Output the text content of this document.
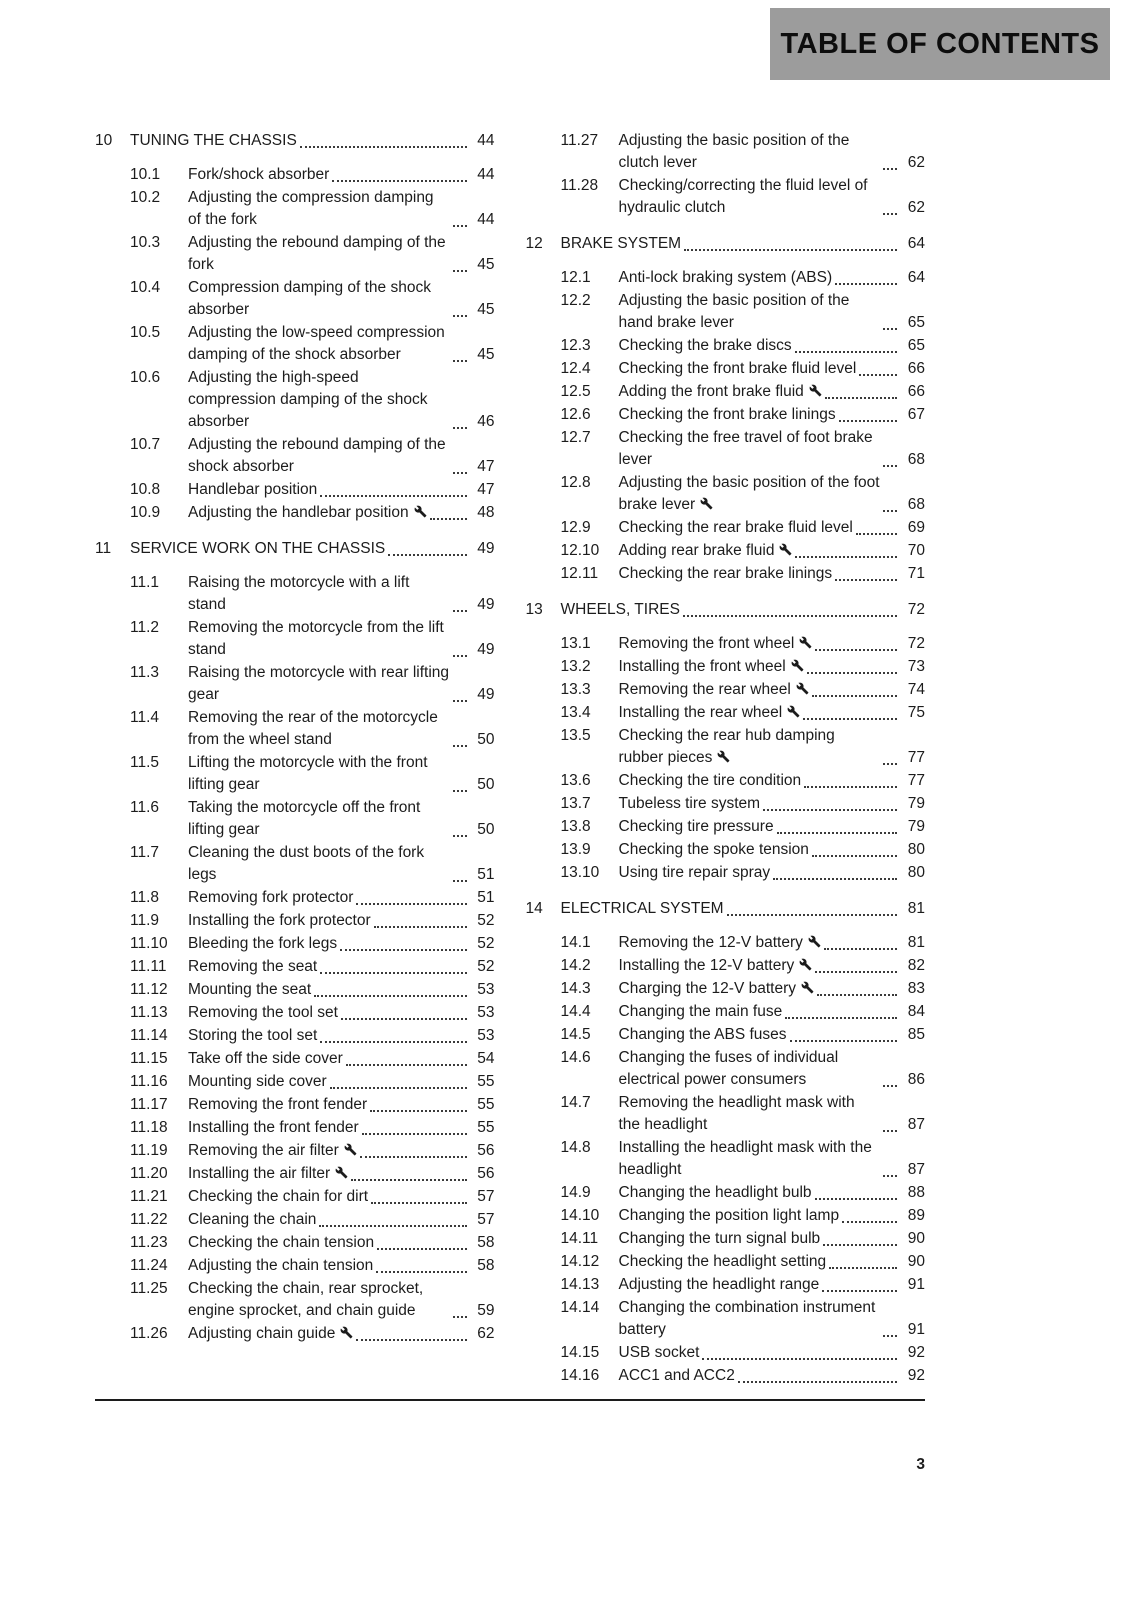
TABLE OF CONTENTS
10	TUNING THE CHASSIS	44
10.1	Fork/shock absorber	44
10.2	Adjusting the compression damping of the fork	44
10.3	Adjusting the rebound damping of the fork	45
10.4	Compression damping of the shock absorber	45
10.5	Adjusting the low-speed compression damping of the shock absorber	45
10.6	Adjusting the high-speed compression damping of the shock absorber	46
10.7	Adjusting the rebound damping of the shock absorber	47
10.8	Handlebar position	47
10.9	Adjusting the handlebar position	48
11	SERVICE WORK ON THE CHASSIS	49
11.1	Raising the motorcycle with a lift stand	49
11.2	Removing the motorcycle from the lift stand	49
11.3	Raising the motorcycle with rear lifting gear	49
11.4	Removing the rear of the motorcycle from the wheel stand	50
11.5	Lifting the motorcycle with the front lifting gear	50
11.6	Taking the motorcycle off the front lifting gear	50
11.7	Cleaning the dust boots of the fork legs	51
11.8	Removing fork protector	51
11.9	Installing the fork protector	52
11.10	Bleeding the fork legs	52
11.11	Removing the seat	52
11.12	Mounting the seat	53
11.13	Removing the tool set	53
11.14	Storing the tool set	53
11.15	Take off the side cover	54
11.16	Mounting side cover	55
11.17	Removing the front fender	55
11.18	Installing the front fender	55
11.19	Removing the air filter	56
11.20	Installing the air filter	56
11.21	Checking the chain for dirt	57
11.22	Cleaning the chain	57
11.23	Checking the chain tension	58
11.24	Adjusting the chain tension	58
11.25	Checking the chain, rear sprocket, engine sprocket, and chain guide	59
11.26	Adjusting chain guide	62
11.27	Adjusting the basic position of the clutch lever	62
11.28	Checking/correcting the fluid level of hydraulic clutch	62
12	BRAKE SYSTEM	64
12.1	Anti-lock braking system (ABS)	64
12.2	Adjusting the basic position of the hand brake lever	65
12.3	Checking the brake discs	65
12.4	Checking the front brake fluid level	66
12.5	Adding the front brake fluid	66
12.6	Checking the front brake linings	67
12.7	Checking the free travel of foot brake lever	68
12.8	Adjusting the basic position of the foot brake lever	68
12.9	Checking the rear brake fluid level	69
12.10	Adding rear brake fluid	70
12.11	Checking the rear brake linings	71
13	WHEELS, TIRES	72
13.1	Removing the front wheel	72
13.2	Installing the front wheel	73
13.3	Removing the rear wheel	74
13.4	Installing the rear wheel	75
13.5	Checking the rear hub damping rubber pieces	77
13.6	Checking the tire condition	77
13.7	Tubeless tire system	79
13.8	Checking tire pressure	79
13.9	Checking the spoke tension	80
13.10	Using tire repair spray	80
14	ELECTRICAL SYSTEM	81
14.1	Removing the 12-V battery	81
14.2	Installing the 12-V battery	82
14.3	Charging the 12-V battery	83
14.4	Changing the main fuse	84
14.5	Changing the ABS fuses	85
14.6	Changing the fuses of individual electrical power consumers	86
14.7	Removing the headlight mask with the headlight	87
14.8	Installing the headlight mask with the headlight	87
14.9	Changing the headlight bulb	88
14.10	Changing the position light lamp	89
14.11	Changing the turn signal bulb	90
14.12	Checking the headlight setting	90
14.13	Adjusting the headlight range	91
14.14	Changing the combination instrument battery	91
14.15	USB socket	92
14.16	ACC1 and ACC2	92
3
